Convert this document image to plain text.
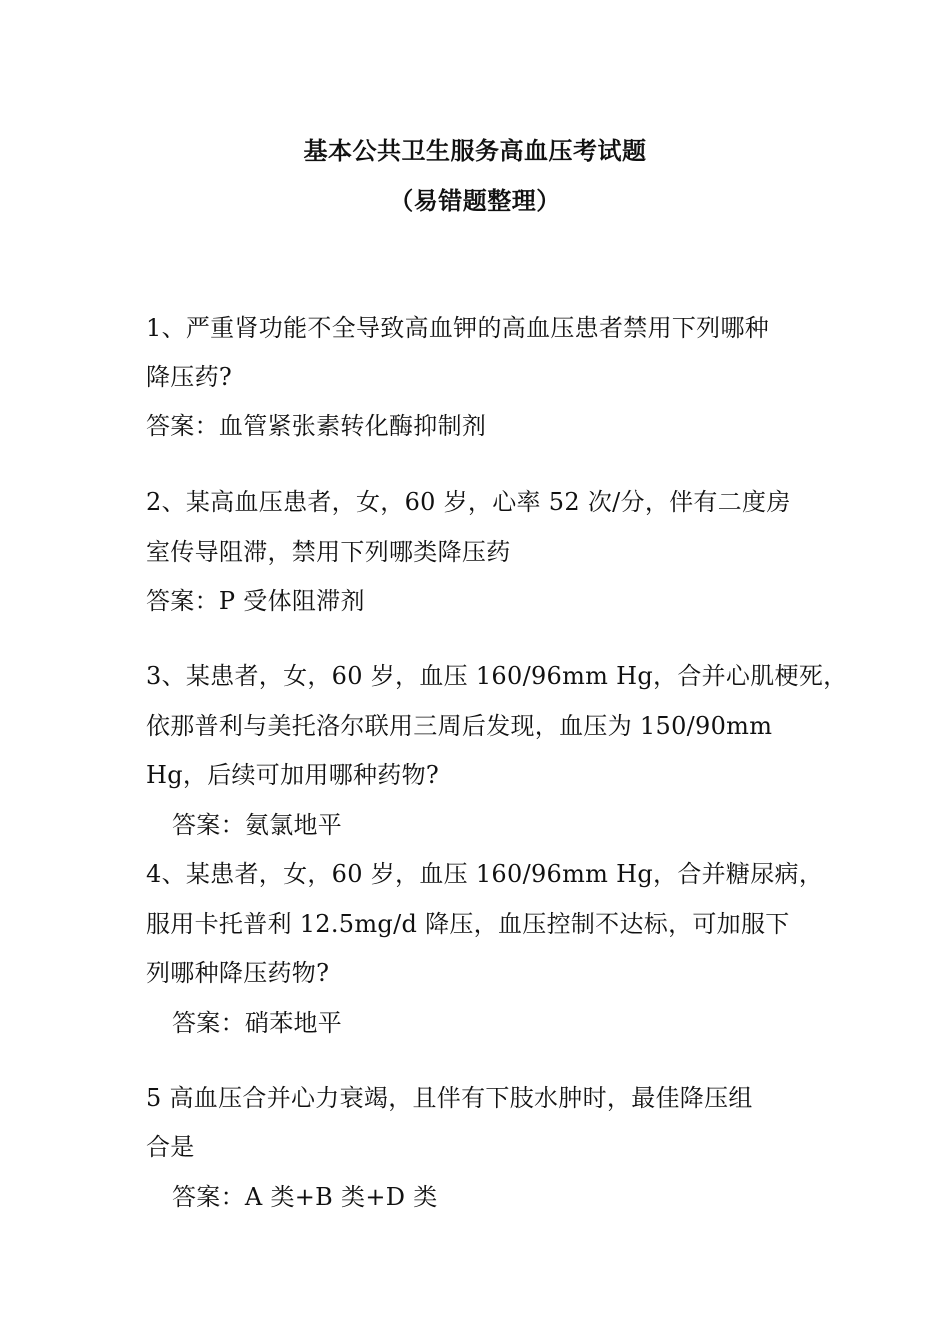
基本公共卫生服务高血压考试题
（易错题整理）
1、严重肾功能不全导致高血钾的高血压患者禁用下列哪种
降压药?
答案：血管紧张素转化酶抑制剂
2、某高血压患者，女，60 岁，心率 52 次/分，伴有二度房
室传导阻滞，禁用下列哪类降压药
答案：P 受体阻滞剂
3、某患者，女，60 岁，血压 160/96mm Hg，合并心肌梗死，
依那普利与美托洛尔联用三周后发现，血压为 150/90mm
Hg，后续可加用哪种药物?
答案：氨氯地平
4、某患者，女，60 岁，血压 160/96mm Hg，合并糖尿病，
服用卡托普利 12.5mg/d 降压，血压控制不达标，可加服下
列哪种降压药物?
答案：硝苯地平
5 高血压合并心力衰竭，且伴有下肢水肿时，最佳降压组
合是
答案：A 类+B 类+D 类
